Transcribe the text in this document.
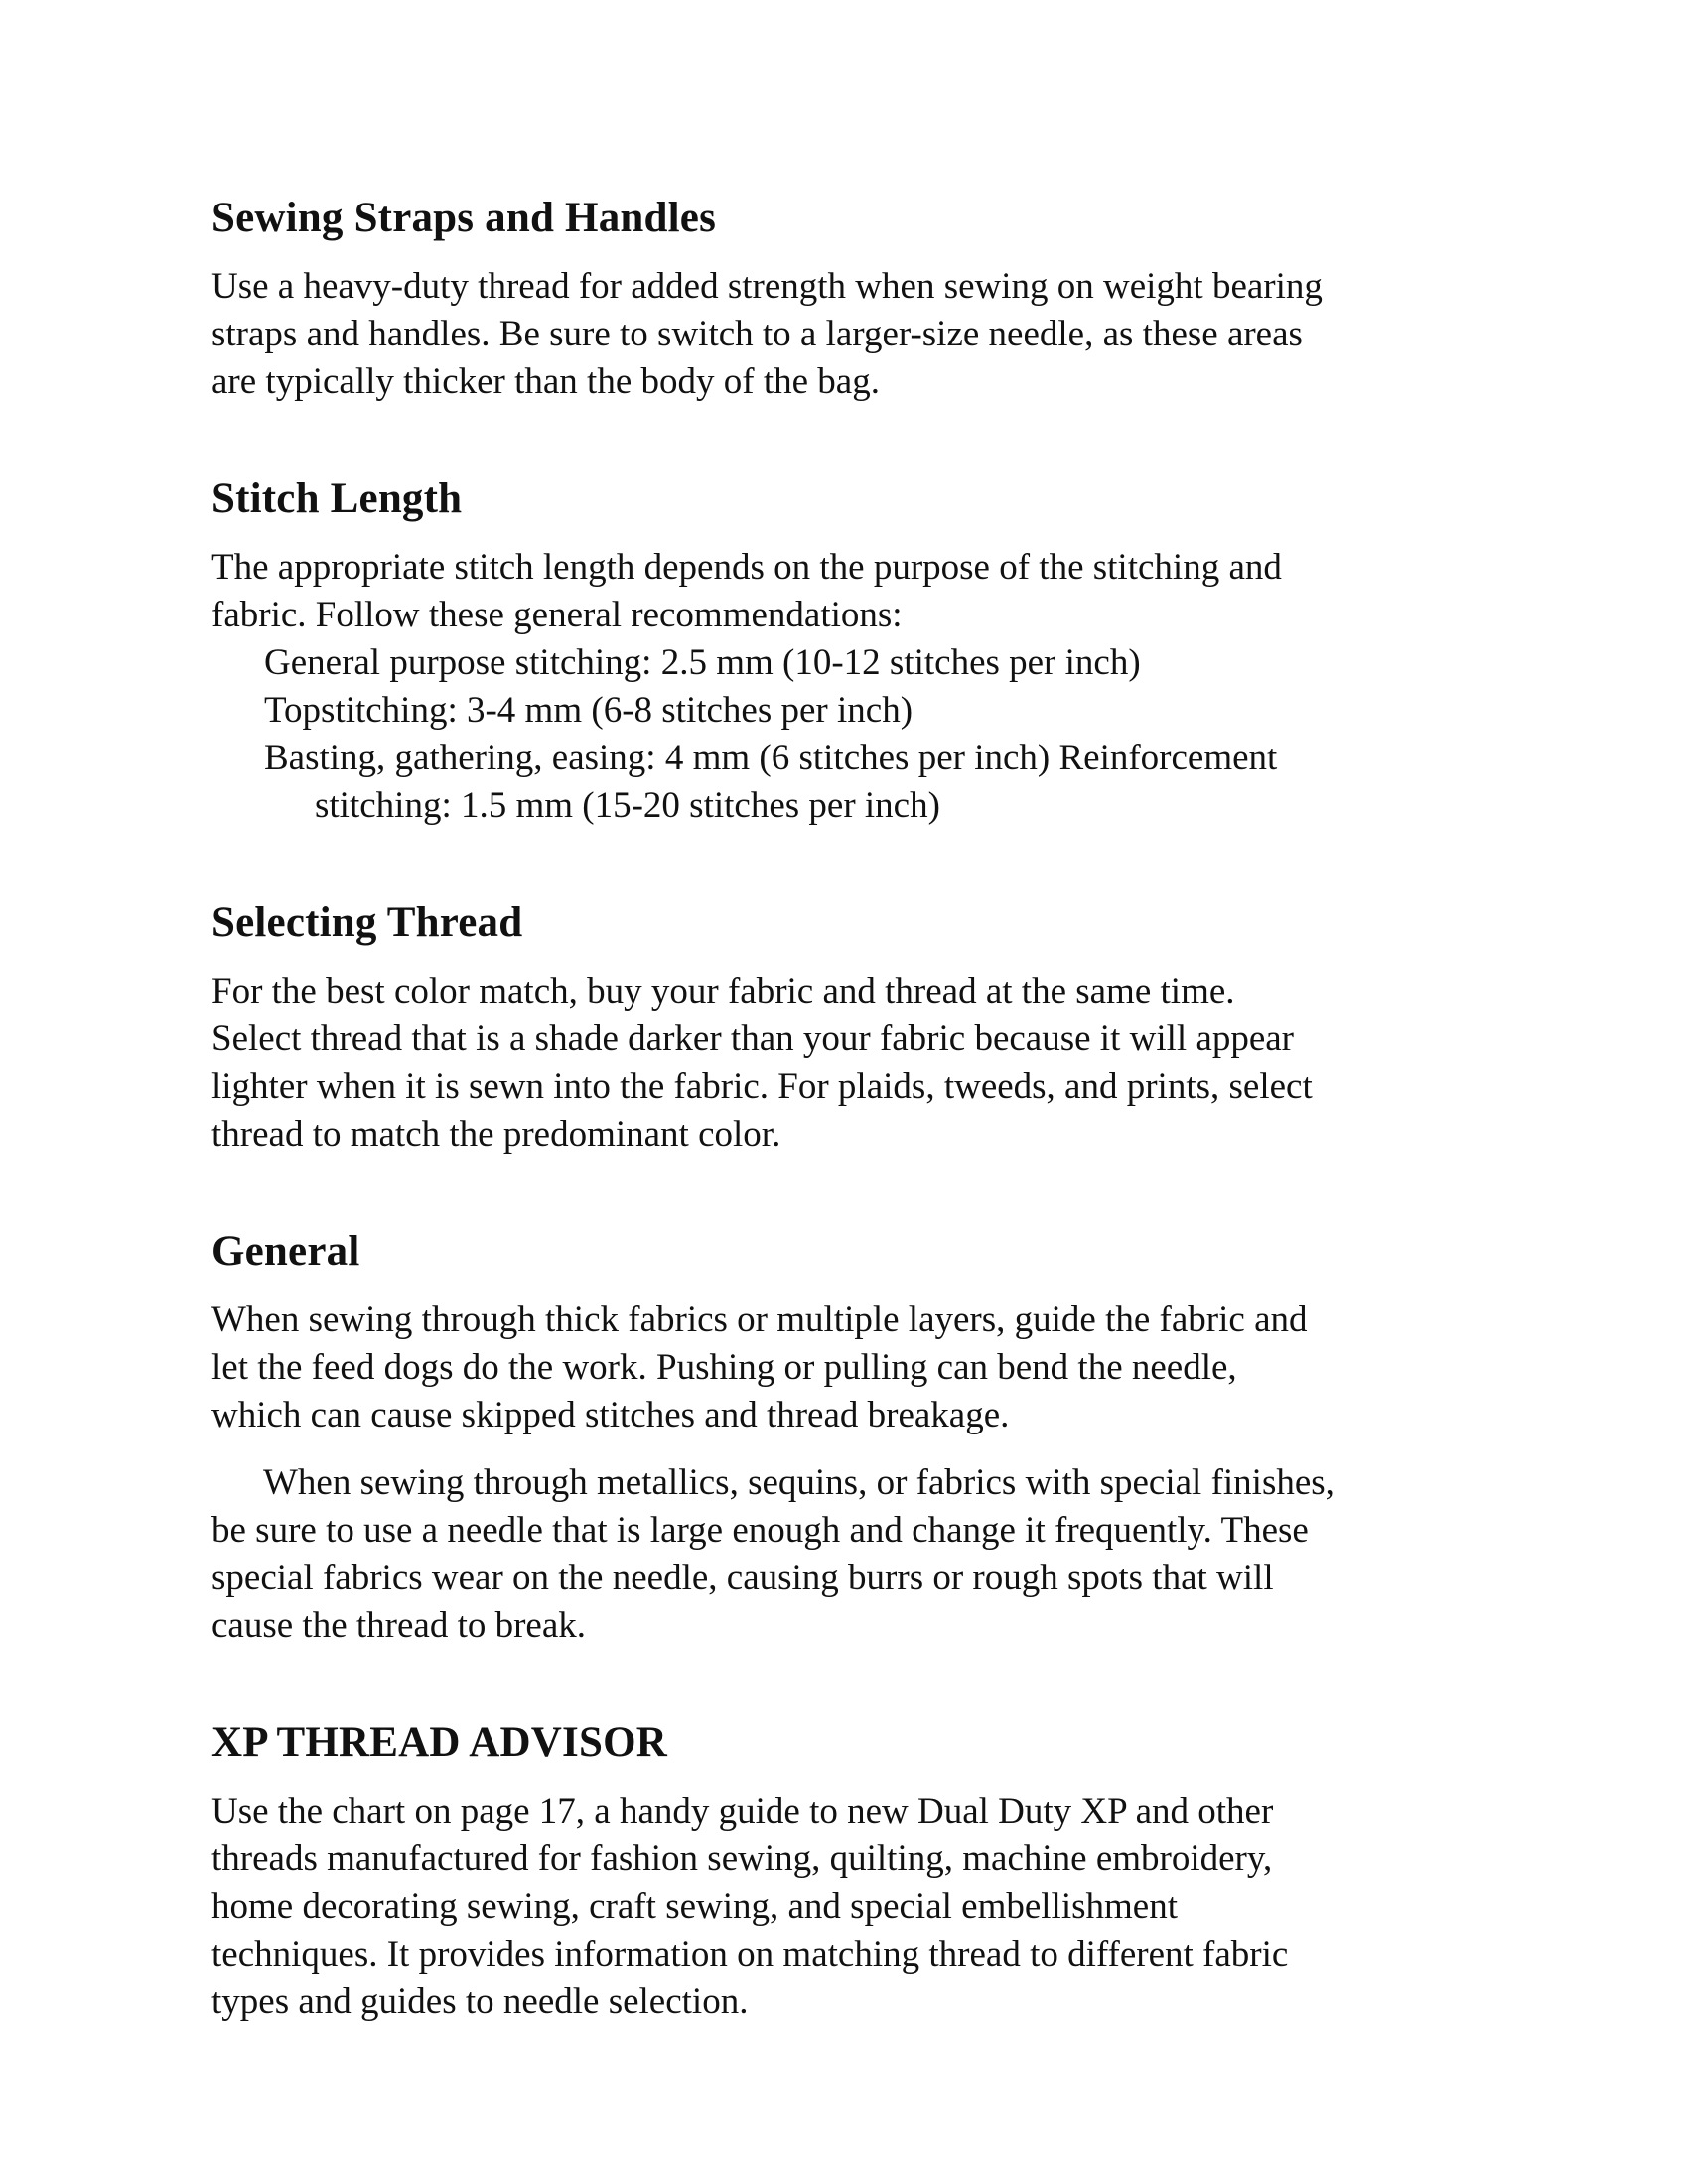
Sewing Straps and Handles

Use a heavy-duty thread for added strength when sewing on weight bearing
straps and handles. Be sure to switch to a larger-size needle, as these areas
are typically thicker than the body of the bag.

Stitch Length

The appropriate stitch length depends on the purpose of the stitching and
fabric. Follow these general recommendations:
General purpose stitching: 2.5 mm (10-12 stitches per inch)
Topstitching: 3-4 mm (6-8 stitches per inch)
Basting, gathering, easing: 4 mm (6 stitches per inch) Reinforcement
stitching: 1.5 mm (15-20 stitches per inch)

Selecting Thread

For the best color match, buy your fabric and thread at the same time.
Select thread that is a shade darker than your fabric because it will appear
lighter when it is sewn into the fabric. For plaids, tweeds, and prints, select
thread to match the predominant color.

General

When sewing through thick fabrics or multiple layers, guide the fabric and
let the feed dogs do the work. Pushing or pulling can bend the needle,
which can cause skipped stitches and thread breakage.

When sewing through metallics, sequins, or fabrics with special finishes,
be sure to use a needle that is large enough and change it frequently. These
special fabrics wear on the needle, causing burrs or rough spots that will
cause the thread to break.

XP THREAD ADVISOR

Use the chart on page 17, a handy guide to new Dual Duty XP and other
threads manufactured for fashion sewing, quilting, machine embroidery,
home decorating sewing, craft sewing, and special embellishment
techniques. It provides information on matching thread to different fabric
types and guides to needle selection.
